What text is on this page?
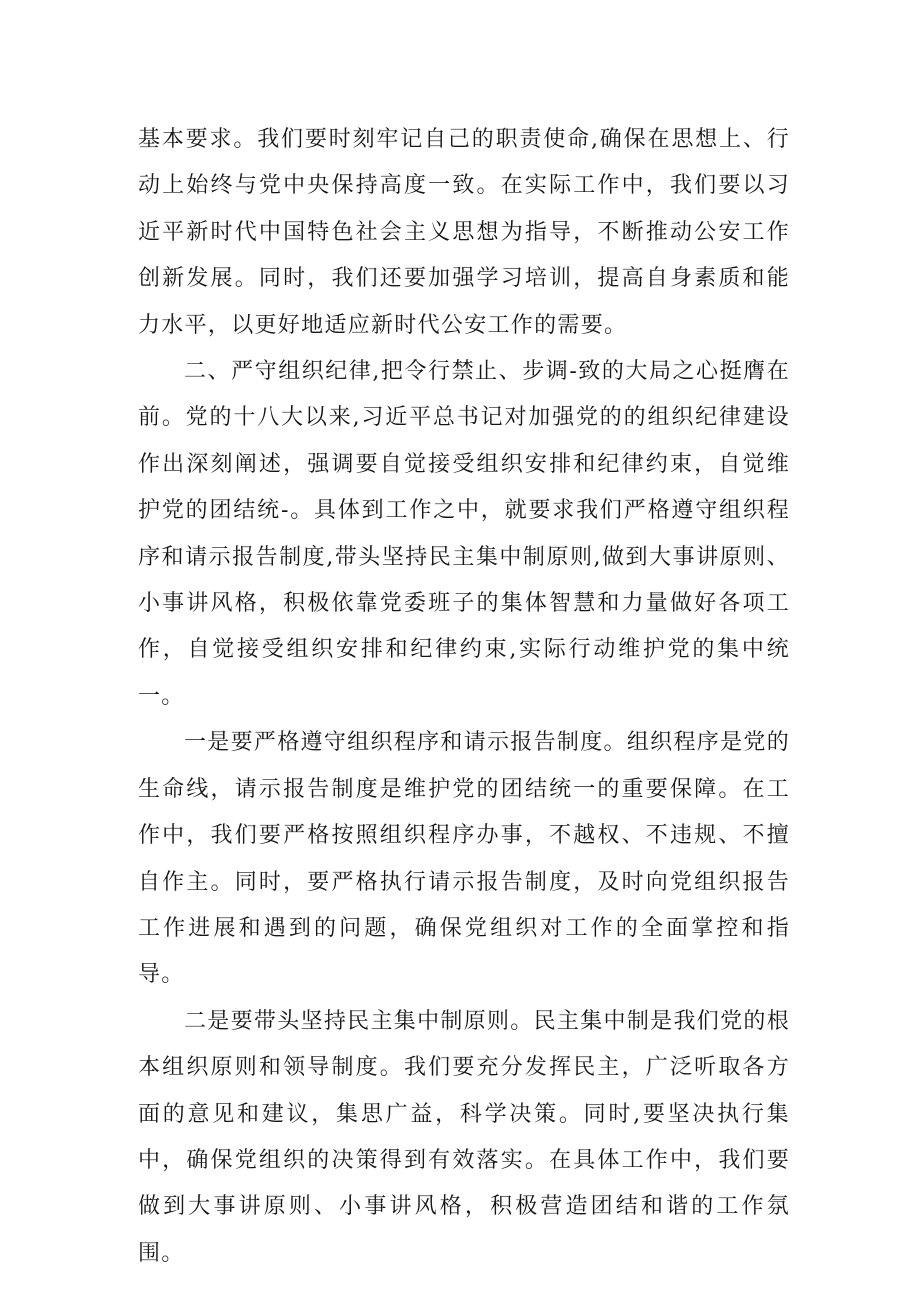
基本要求。我们要时刻牢记自己的职责使命,确保在思想上、行动上始终与党中央保持高度一致。在实际工作中，我们要以习近平新时代中国特色社会主义思想为指导，不断推动公安工作创新发展。同时，我们还要加强学习培训，提高自身素质和能力水平，以更好地适应新时代公安工作的需要。

二、严守组织纪律,把令行禁止、步调-致的大局之心挺膺在前。党的十八大以来,习近平总书记对加强党的的组织纪律建设作出深刻阐述，强调要自觉接受组织安排和纪律约束，自觉维护党的团结统-。具体到工作之中，就要求我们严格遵守组织程序和请示报告制度,带头坚持民主集中制原则,做到大事讲原则、小事讲风格，积极依靠党委班子的集体智慧和力量做好各项工作，自觉接受组织安排和纪律约束,实际行动维护党的集中统一。

一是要严格遵守组织程序和请示报告制度。组织程序是党的生命线，请示报告制度是维护党的团结统一的重要保障。在工作中，我们要严格按照组织程序办事，不越权、不违规、不擅自作主。同时，要严格执行请示报告制度，及时向党组织报告工作进展和遇到的问题，确保党组织对工作的全面掌控和指导。

二是要带头坚持民主集中制原则。民主集中制是我们党的根本组织原则和领导制度。我们要充分发挥民主，广泛听取各方面的意见和建议，集思广益，科学决策。同时,要坚决执行集中，确保党组织的决策得到有效落实。在具体工作中，我们要做到大事讲原则、小事讲风格，积极营造团结和谐的工作氛围。
